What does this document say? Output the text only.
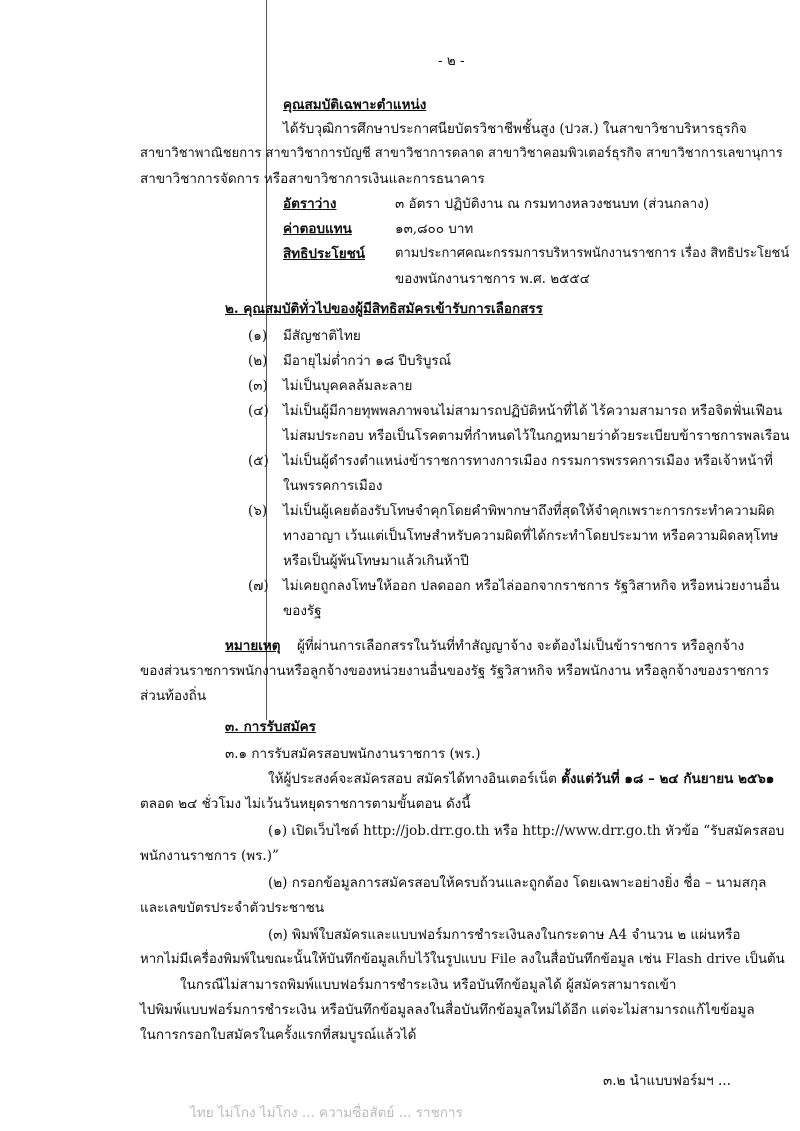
- ๒ -
คุณสมบัติเฉพาะตำแหน่ง
ได้รับวุฒิการศึกษาประกาศนียบัตรวิชาชีพชั้นสูง (ปวส.) ในสาขาวิชาบริหารธุรกิจ
สาขาวิชาพาณิชยการ สาขาวิชาการบัญชี สาขาวิชาการตลาด สาขาวิชาคอมพิวเตอร์ธุรกิจ สาขาวิชาการเลขานุการ
สาขาวิชาการจัดการ หรือสาขาวิชาการเงินและการธนาคาร
อัตราว่าง	๓ อัตรา ปฏิบัติงาน ณ กรมทางหลวงชนบท (ส่วนกลาง)
ค่าตอบแทน	๑๓,๘๐๐ บาท
สิทธิประโยชน์ ตามประกาศคณะกรรมการบริหารพนักงานราชการ เรื่อง สิทธิประโยชน์
ของพนักงานราชการ พ.ศ. ๒๕๕๔
๒. คุณสมบัติทั่วไปของผู้มีสิทธิสมัครเข้ารับการเลือกสรร
(๑) มีสัญชาติไทย
(๒) มีอายุไม่ต่ำกว่า ๑๘ ปีบริบูรณ์
(๓) ไม่เป็นบุคคลล้มละลาย
(๔) ไม่เป็นผู้มีกายทุพพลภาพจนไม่สามารถปฏิบัติหน้าที่ได้ ไร้ความสามารถ หรือจิตฟั่นเฟือน
ไม่สมประกอบ หรือเป็นโรคตามที่กำหนดไว้ในกฎหมายว่าด้วยระเบียบข้าราชการพลเรือน
(๕) ไม่เป็นผู้ดำรงตำแหน่งข้าราชการทางการเมือง กรรมการพรรคการเมือง หรือเจ้าหน้าที่
ในพรรคการเมือง
(๖) ไม่เป็นผู้เคยต้องรับโทษจำคุกโดยคำพิพากษาถึงที่สุดให้จำคุกเพราะการกระทำความผิด
ทางอาญา เว้นแต่เป็นโทษสำหรับความผิดที่ได้กระทำโดยประมาท หรือความผิดลหุโทษ
หรือเป็นผู้พ้นโทษมาแล้วเกินห้าปี
(๗) ไม่เคยถูกลงโทษให้ออก ปลดออก หรือไล่ออกจากราชการ รัฐวิสาหกิจ หรือหน่วยงานอื่น
ของรัฐ
หมายเหตุ ผู้ที่ผ่านการเลือกสรรในวันที่ทำสัญญาจ้าง จะต้องไม่เป็นข้าราชการ หรือลูกจ้าง
ของส่วนราชการพนักงานหรือลูกจ้างของหน่วยงานอื่นของรัฐ รัฐวิสาหกิจ หรือพนักงาน หรือลูกจ้างของราชการ
ส่วนท้องถิ่น
๓. การรับสมัคร
๓.๑ การรับสมัครสอบพนักงานราชการ (พร.)
ให้ผู้ประสงค์จะสมัครสอบ สมัครได้ทางอินเตอร์เน็ต ตั้งแต่วันที่ ๑๘ – ๒๔ กันยายน ๒๕๖๑
ตลอด ๒๔ ชั่วโมง ไม่เว้นวันหยุดราชการตามขั้นตอน ดังนี้
(๑) เปิดเว็บไซต์ http://job.drr.go.th หรือ http://www.drr.go.th หัวข้อ “รับสมัครสอบ
พนักงานราชการ (พร.)”
(๒) กรอกข้อมูลการสมัครสอบให้ครบถ้วนและถูกต้อง โดยเฉพาะอย่างยิ่ง ชื่อ – นามสกุล
และเลขบัตรประจำตัวประชาชน
(๓) พิมพ์ใบสมัครและแบบฟอร์มการชำระเงินลงในกระดาษ A4 จำนวน ๒ แผ่นหรือ
หากไม่มีเครื่องพิมพ์ในขณะนั้นให้บันทึกข้อมูลเก็บไว้ในรูปแบบ File ลงในสื่อบันทึกข้อมูล เช่น Flash drive เป็นต้น
ในกรณีไม่สามารถพิมพ์แบบฟอร์มการชำระเงิน หรือบันทึกข้อมูลได้ ผู้สมัครสามารถเข้า
ไปพิมพ์แบบฟอร์มการชำระเงิน หรือบันทึกข้อมูลลงในสื่อบันทึกข้อมูลใหม่ได้อีก แต่จะไม่สามารถแก้ไขข้อมูล
ในการกรอกใบสมัครในครั้งแรกที่สมบูรณ์แล้วได้
๓.๒ นำแบบฟอร์มฯ ...
ไทย ไม่โกง ไม่โกง ... ความซื่อสัตย์ ... ราชการ
